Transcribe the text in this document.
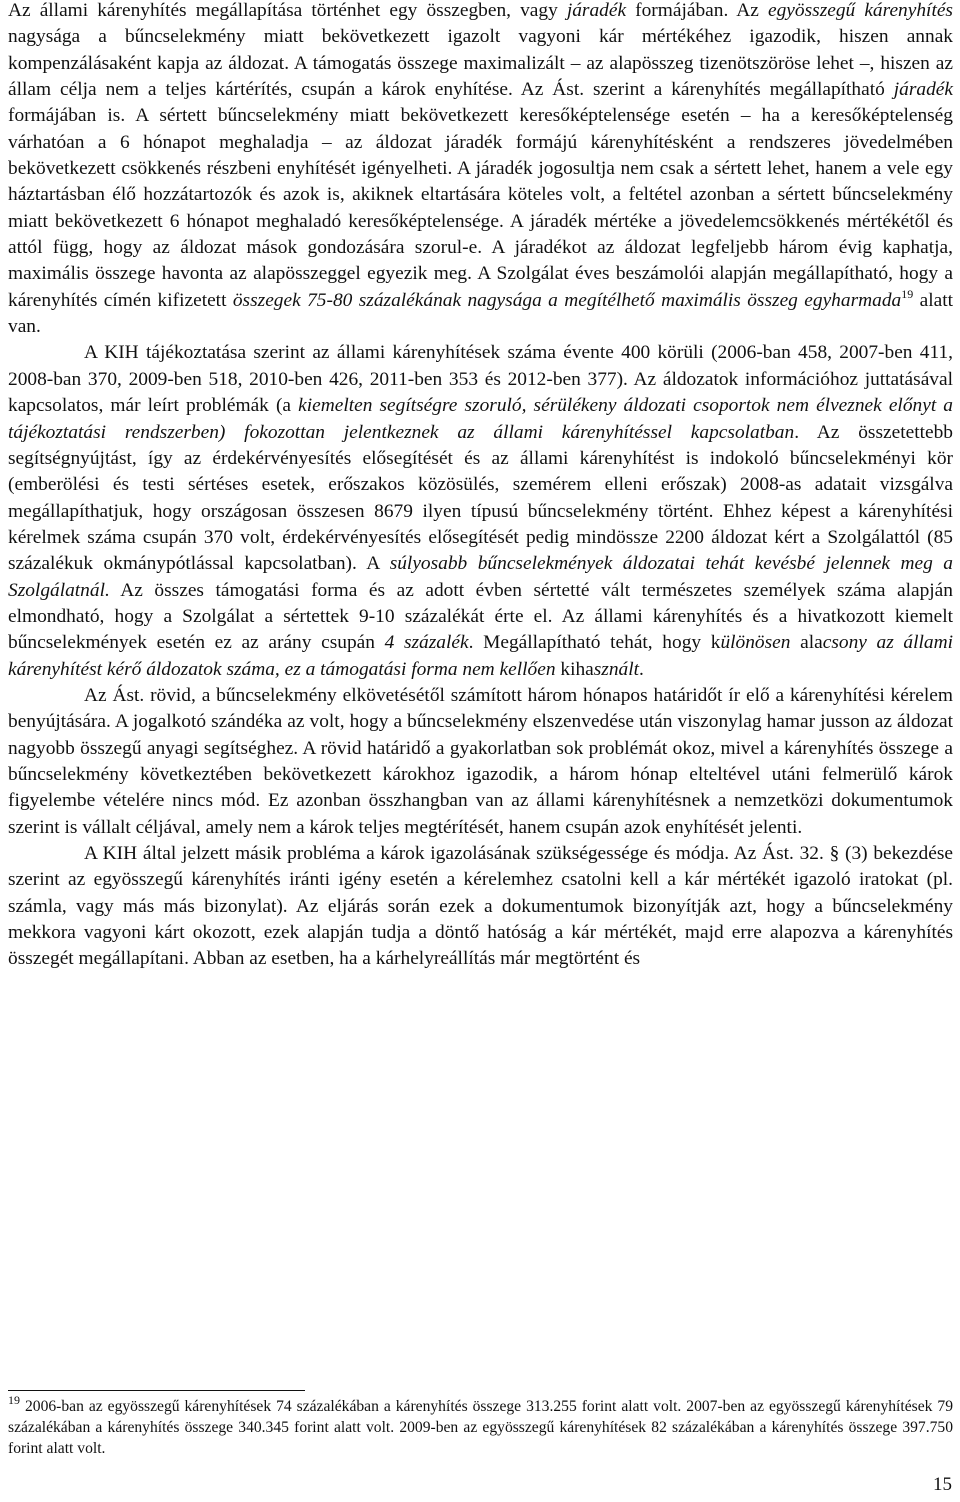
Az állami kárenyhítés megállapítása történhet egy összegben, vagy járadék formájában. Az egyösszegű kárenyhítés nagysága a bűncselekmény miatt bekövetkezett igazolt vagyoni kár mértékéhez igazodik, hiszen annak kompenzálásaként kapja az áldozat. A támogatás összege maximalizált – az alapösszeg tizenötszöröse lehet –, hiszen az állam célja nem a teljes kártérítés, csupán a károk enyhítése. Az Ást. szerint a kárenyhítés megállapítható járadék formájában is. A sértett bűncselekmény miatt bekövetkezett keresőképtelensége esetén – ha a keresőképtelenség várhatóan a 6 hónapot meghaladja – az áldozat járadék formájú kárenyhítésként a rendszeres jövedelmében bekövetkezett csökkenés részbeni enyhítését igényelheti. A járadék jogosultja nem csak a sértett lehet, hanem a vele egy háztartásban élő hozzátartozók és azok is, akiknek eltartására köteles volt, a feltétel azonban a sértett bűncselekmény miatt bekövetkezett 6 hónapot meghaladó keresőképtelensége. A járadék mértéke a jövedelemcsökkenés mértékétől és attól függ, hogy az áldozat mások gondozására szorul-e. A járadékot az áldozat legfeljebb három évig kaphatja, maximális összege havonta az alapösszeggel egyezik meg. A Szolgálat éves beszámolói alapján megállapítható, hogy a kárenyhítés címén kifizetett összegek 75-80 százalékának nagysága a megítélhető maximális összeg egyharmada$^{19}$ alatt van.

A KIH tájékoztatása szerint az állami kárenyhítések száma évente 400 körüli (2006-ban 458, 2007-ben 411, 2008-ban 370, 2009-ben 518, 2010-ben 426, 2011-ben 353 és 2012-ben 377). Az áldozatok információhoz juttatásával kapcsolatos, már leírt problémák (a kiemelten segítségre szoruló, sérülékeny áldozati csoportok nem élveznek előnyt a tájékoztatási rendszerben) fokozottan jelentkeznek az állami kárenyhítéssel kapcsolatban. Az összetettebb segítségnyújtást, így az érdekérvényesítés elősegítését és az állami kárenyhítést is indokoló bűncselekményi kör (emberölési és testi sértéses esetek, erőszakos közösülés, szemérem elleni erőszak) 2008-as adatait vizsgálva megállapíthatjuk, hogy országosan összesen 8679 ilyen típusú bűncselekmény történt. Ehhez képest a kárenyhítési kérelmek száma csupán 370 volt, érdekérvényesítés elősegítését pedig mindössze 2200 áldozat kért a Szolgálattól (85 százalékuk okmánypótlással kapcsolatban). A súlyosabb bűncselekmények áldozatai tehát kevésbé jelennek meg a Szolgálatnál. Az összes támogatási forma és az adott évben sértetté vált természetes személyek száma alapján elmondható, hogy a Szolgálat a sértettek 9-10 százalékát érte el. Az állami kárenyhítés és a hivatkozott kiemelt bűncselekmények esetén ez az arány csupán 4 százalék. Megállapítható tehát, hogy különösen alacsony az állami kárenyhítést kérő áldozatok száma, ez a támogatási forma nem kellően kihasznált.

Az Ást. rövid, a bűncselekmény elkövetésétől számított három hónapos határidőt ír elő a kárenyhítési kérelem benyújtására. A jogalkotó szándéka az volt, hogy a bűncselekmény elszenvedése után viszonylag hamar jusson az áldozat nagyobb összegű anyagi segítséghez. A rövid határidő a gyakorlatban sok problémát okoz, mivel a kárenyhítés összege a bűncselekmény következtében bekövetkezett károkhoz igazodik, a három hónap elteltével utáni felmerülő károk figyelembe vételére nincs mód. Ez azonban összhangban van az állami kárenyhítésnek a nemzetközi dokumentumok szerint is vállalt céljával, amely nem a károk teljes megtérítését, hanem csupán azok enyhítését jelenti.

A KIH által jelzett másik probléma a károk igazolásának szükségessége és módja. Az Ást. 32. § (3) bekezdése szerint az egyösszegű kárenyhítés iránti igény esetén a kérelemhez csatolni kell a kár mértékét igazoló iratokat (pl. számla, vagy más más bizonylat). Az eljárás során ezek a dokumentumok bizonyítják azt, hogy a bűncselekmény mekkora vagyoni kárt okozott, ezek alapján tudja a döntő hatóság a kár mértékét, majd erre alapozva a kárenyhítés összegét megállapítani. Abban az esetben, ha a kárhelyreállítás már megtörtént és

$^{19}$ 2006-ban az egyösszegű kárenyhítések 74 százalékában a kárenyhítés összege 313.255 forint alatt volt. 2007-ben az egyösszegű kárenyhítések 79 százalékában a kárenyhítés összege 340.345 forint alatt volt. 2009-ben az egyösszegű kárenyhítések 82 százalékában a kárenyhítés összege 397.750 forint alatt volt.

15
